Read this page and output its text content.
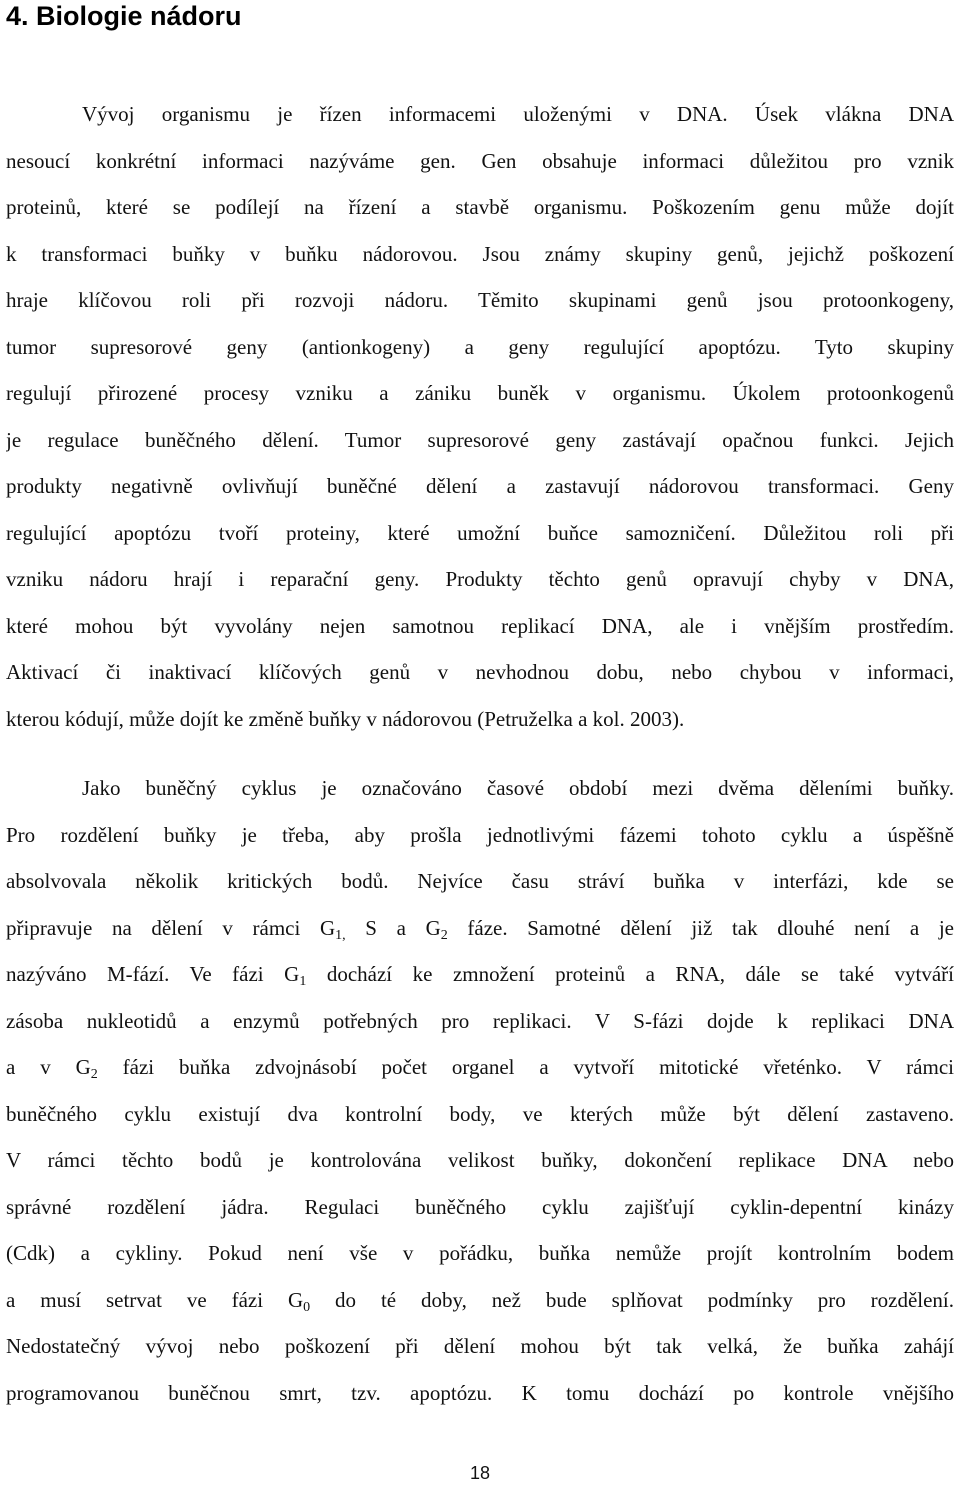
4. Biologie nádoru
Vývoj organismu je řízen informacemi uloženými v DNA. Úsek vlákna DNA
nesoucí konkrétní informaci nazýváme gen. Gen obsahuje informaci důležitou pro vznik
proteinů, které se podílejí na řízení a stavbě organismu. Poškozením genu může dojít
k transformaci buňky v buňku nádorovou. Jsou známy skupiny genů, jejichž poškození
hraje klíčovou roli při rozvoji nádoru. Těmito skupinami genů jsou protoonkogeny,
tumor supresorové geny (antionkogeny) a geny regulující apoptózu. Tyto skupiny
regulují přirozené procesy vzniku a zániku buněk v organismu. Úkolem protoonkogenů
je regulace buněčného dělení. Tumor supresorové geny zastávají opačnou funkci. Jejich
produkty negativně ovlivňují buněčné dělení a zastavují nádorovou transformaci. Geny
regulující apoptózu tvoří proteiny, které umožní buňce samozničení. Důležitou roli při
vzniku nádoru hrají i reparační geny. Produkty těchto genů opravují chyby v DNA,
které mohou být vyvolány nejen samotnou replikací DNA, ale i vnějším prostředím.
Aktivací či inaktivací klíčových genů v nevhodnou dobu, nebo chybou v informaci,
kterou kódují, může dojít ke změně buňky v nádorovou (Petruželka a kol. 2003).
Jako buněčný cyklus je označováno časové období mezi dvěma děleními buňky.
Pro rozdělení buňky je třeba, aby prošla jednotlivými fázemi tohoto cyklu a úspěšně
absolvovala několik kritických bodů. Nejvíce času stráví buňka v interfázi, kde se
připravuje na dělení v rámci $G_{1,}$ S a $G_2$ fáze. Samotné dělení již tak dlouhé není a je
nazýváno M-fází. Ve fázi $G_1$ dochází ke zmnožení proteinů a RNA, dále se také vytváří
zásoba nukleotidů a enzymů potřebných pro replikaci. V S-fázi dojde k replikaci DNA
a v $G_2$ fázi buňka zdvojnásobí počet organel a vytvoří mitotické vřeténko. V rámci
buněčného cyklu existují dva kontrolní body, ve kterých může být dělení zastaveno.
V rámci těchto bodů je kontrolována velikost buňky, dokončení replikace DNA nebo
správné rozdělení jádra. Regulaci buněčného cyklu zajišťují cyklin-depentní kinázy
(Cdk) a cykliny. Pokud není vše v pořádku, buňka nemůže projít kontrolním bodem
a musí setrvat ve fázi $G_0$ do té doby, než bude splňovat podmínky pro rozdělení.
Nedostatečný vývoj nebo poškození při dělení mohou být tak velká, že buňka zahájí
programovanou buněčnou smrt, tzv. apoptózu. K tomu dochází po kontrole vnějšího
18
